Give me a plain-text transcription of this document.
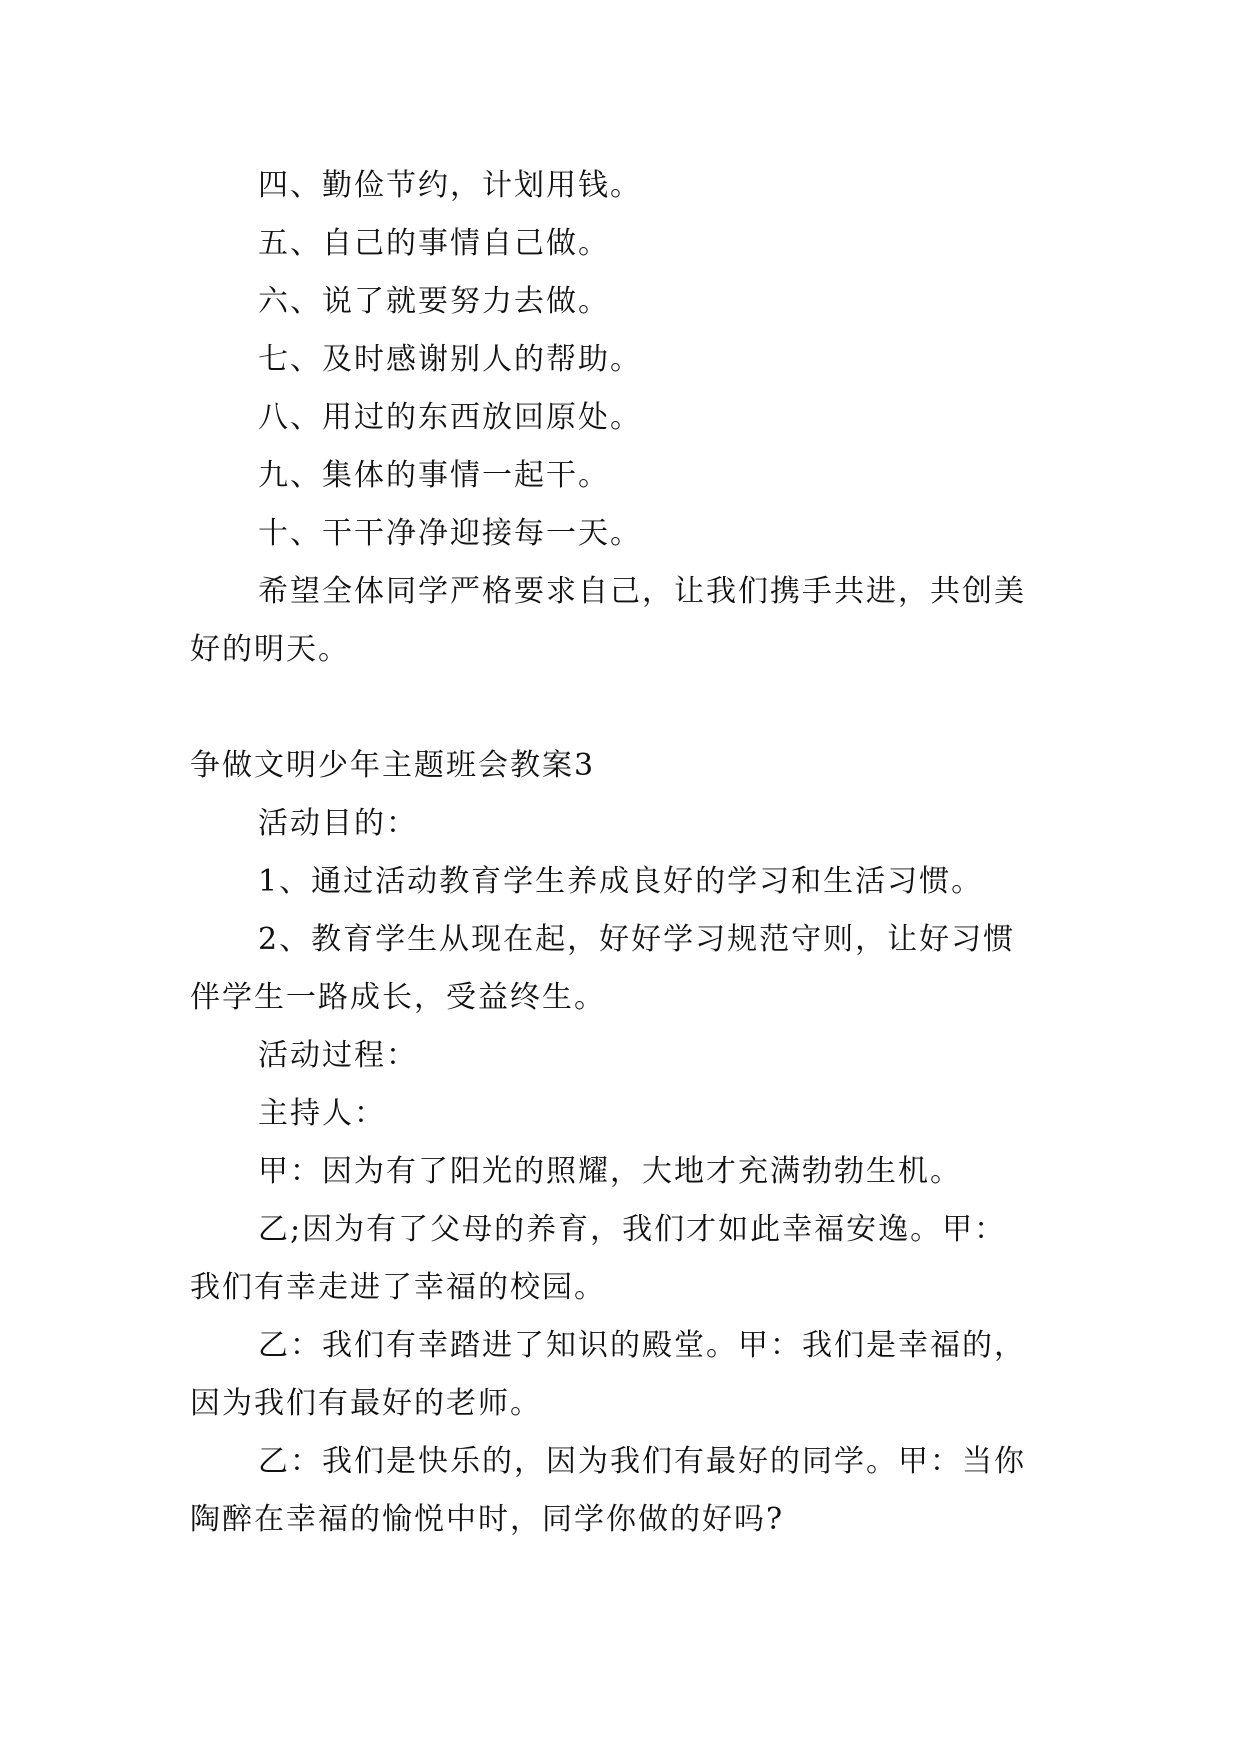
四、勤俭节约，计划用钱。
五、自己的事情自己做。
六、说了就要努力去做。
七、及时感谢别人的帮助。
八、用过的东西放回原处。
九、集体的事情一起干。
十、干干净净迎接每一天。
希望全体同学严格要求自己，让我们携手共进，共创美
好的明天。
争做文明少年主题班会教案3
活动目的：
1、通过活动教育学生养成良好的学习和生活习惯。
2、教育学生从现在起，好好学习规范守则，让好习惯
伴学生一路成长，受益终生。
活动过程：
主持人：
甲：因为有了阳光的照耀，大地才充满勃勃生机。
乙;因为有了父母的养育，我们才如此幸福安逸。甲：
我们有幸走进了幸福的校园。
乙：我们有幸踏进了知识的殿堂。甲：我们是幸福的，
因为我们有最好的老师。
乙：我们是快乐的，因为我们有最好的同学。甲：当你
陶醉在幸福的愉悦中时，同学你做的好吗?
